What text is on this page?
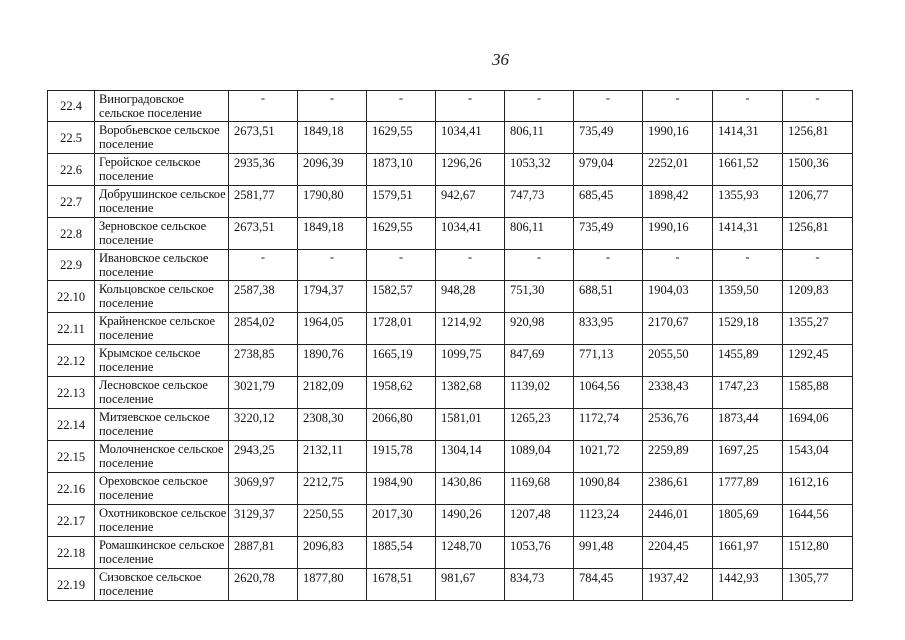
36
22.4	Виноградовское сельское поселение	-	-	-	-	-	-	-	-	-
22.5	Воробьевское сельское поселение	2673,51	1849,18	1629,55	1034,41	806,11	735,49	1990,16	1414,31	1256,81
22.6	Геройское сельское поселение	2935,36	2096,39	1873,10	1296,26	1053,32	979,04	2252,01	1661,52	1500,36
22.7	Добрушинское сельское поселение	2581,77	1790,80	1579,51	942,67	747,73	685,45	1898,42	1355,93	1206,77
22.8	Зерновское сельское поселение	2673,51	1849,18	1629,55	1034,41	806,11	735,49	1990,16	1414,31	1256,81
22.9	Ивановское сельское поселение	-	-	-	-	-	-	-	-	-
22.10	Кольцовское сельское поселение	2587,38	1794,37	1582,57	948,28	751,30	688,51	1904,03	1359,50	1209,83
22.11	Крайненское сельское поселение	2854,02	1964,05	1728,01	1214,92	920,98	833,95	2170,67	1529,18	1355,27
22.12	Крымское сельское поселение	2738,85	1890,76	1665,19	1099,75	847,69	771,13	2055,50	1455,89	1292,45
22.13	Лесновское сельское поселение	3021,79	2182,09	1958,62	1382,68	1139,02	1064,56	2338,43	1747,23	1585,88
22.14	Митяевское сельское поселение	3220,12	2308,30	2066,80	1581,01	1265,23	1172,74	2536,76	1873,44	1694,06
22.15	Молочненское сельское поселение	2943,25	2132,11	1915,78	1304,14	1089,04	1021,72	2259,89	1697,25	1543,04
22.16	Ореховское сельское поселение	3069,97	2212,75	1984,90	1430,86	1169,68	1090,84	2386,61	1777,89	1612,16
22.17	Охотниковское сельское поселение	3129,37	2250,55	2017,30	1490,26	1207,48	1123,24	2446,01	1805,69	1644,56
22.18	Ромашкинское сельское поселение	2887,81	2096,83	1885,54	1248,70	1053,76	991,48	2204,45	1661,97	1512,80
22.19	Сизовское сельское поселение	2620,78	1877,80	1678,51	981,67	834,73	784,45	1937,42	1442,93	1305,77
